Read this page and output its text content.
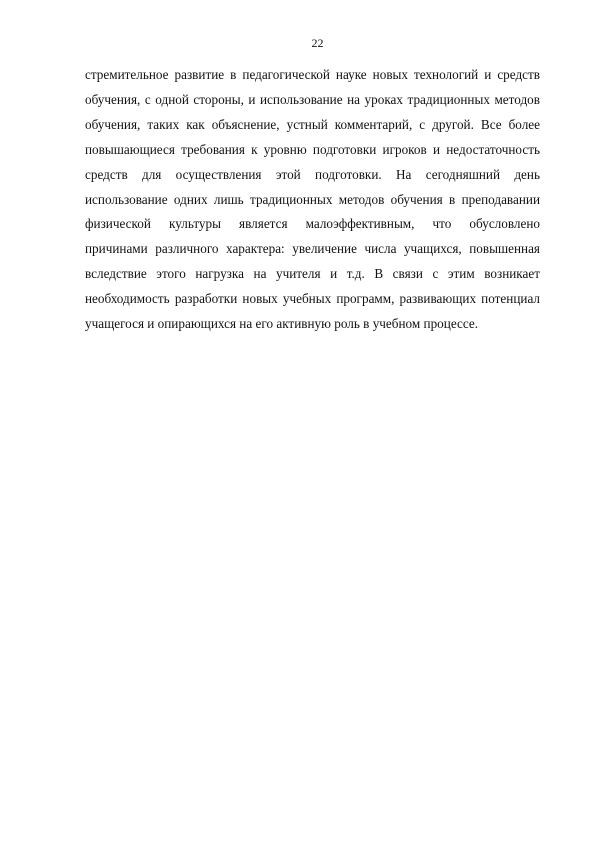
22
стремительное развитие в педагогической науке новых технологий и средств
обучения, с одной стороны, и использование на уроках традиционных методов
обучения, таких как объяснение, устный комментарий, с другой. Все более
повышающиеся требования к уровню подготовки игроков и недостаточность
средств для осуществления этой подготовки. На сегодняшний день
использование одних лишь традиционных методов обучения в преподавании
физической культуры является малоэффективным, что обусловлено
причинами различного характера: увеличение числа учащихся, повышенная
вследствие этого нагрузка на учителя и т.д. В связи с этим возникает
необходимость разработки новых учебных программ, развивающих потенциал
учащегося и опирающихся на его активную роль в учебном процессе.
